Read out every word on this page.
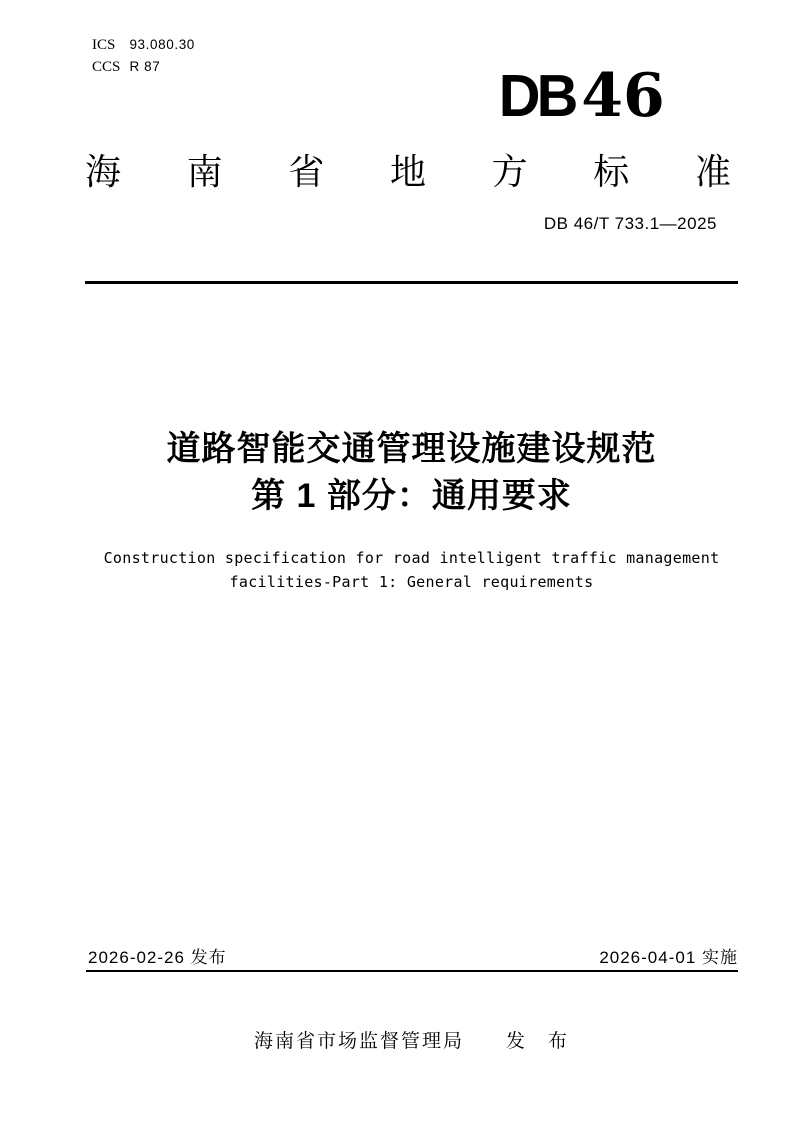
ICS 93.080.30
CCS R 87	DB 46
海 南 省 地 方 标 准
DB 46/T 733.1—2025
道路智能交通管理设施建设规范
第 1 部分：通用要求
Construction specification for road intelligent traffic management
facilities-Part 1: General requirements
2026-02-26 发布	2026-04-01 实施
海南省市场监督管理局　　发　布
